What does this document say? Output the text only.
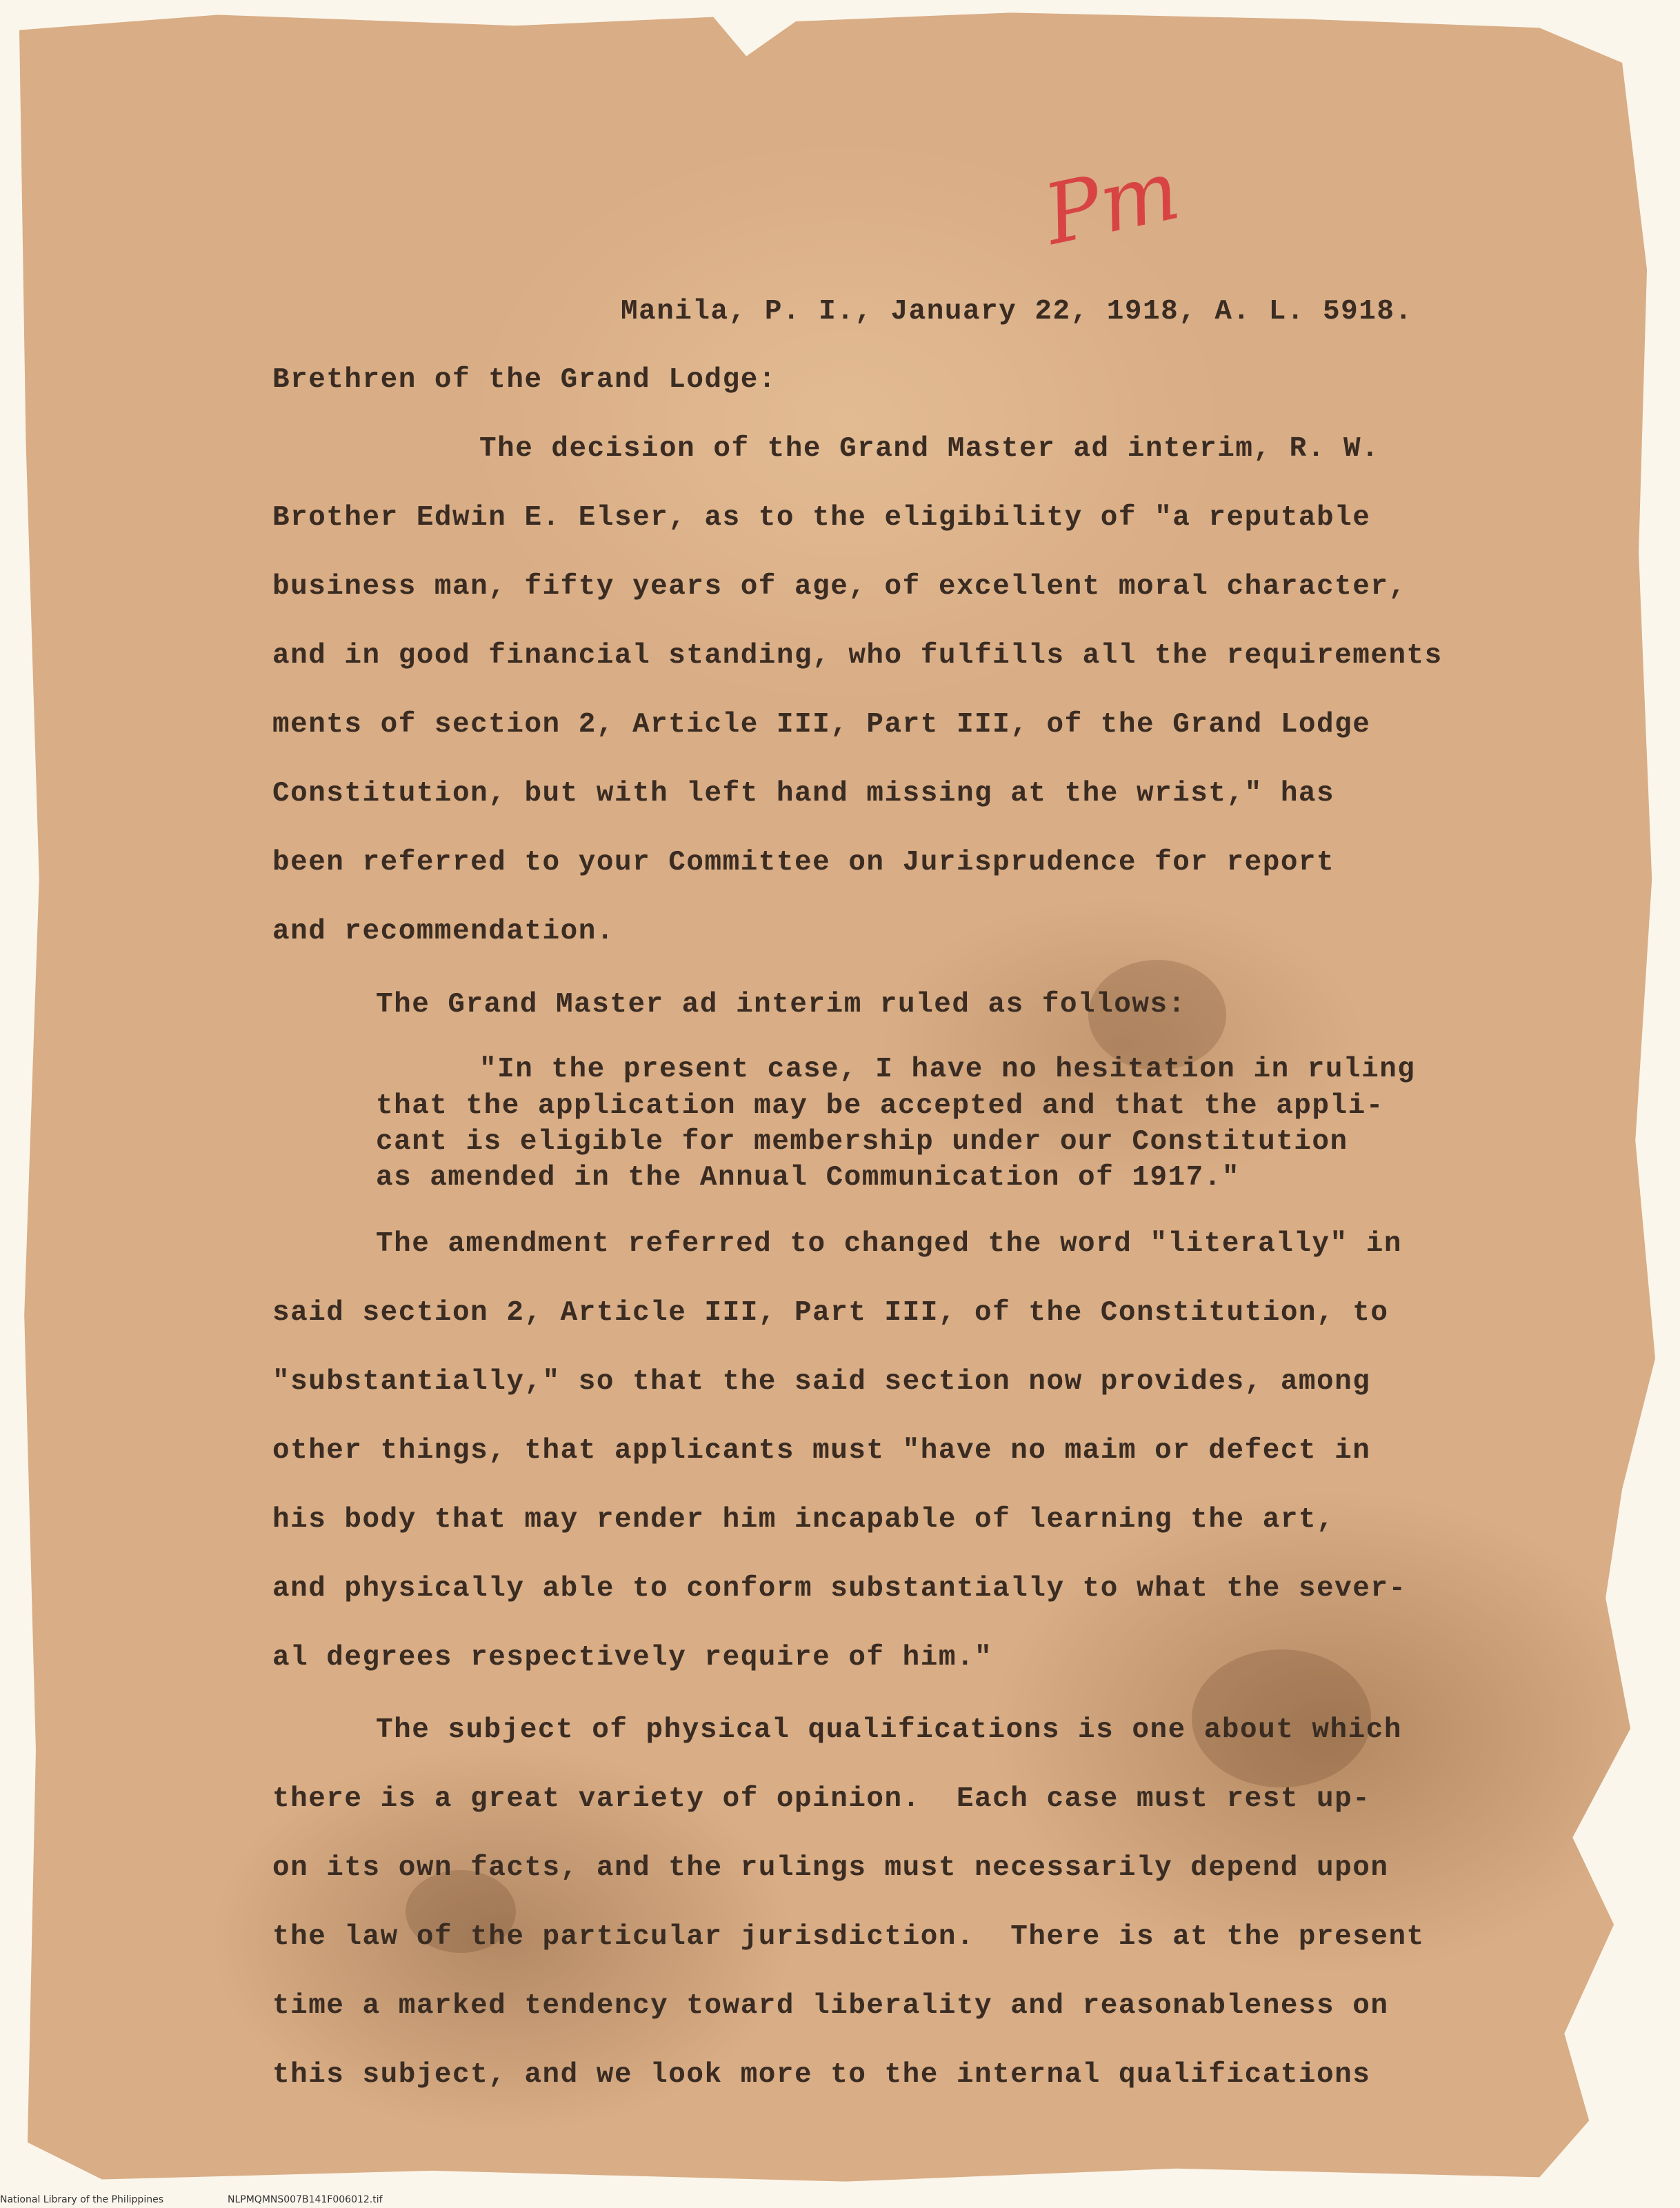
Pm

Manila, P. I., January 22, 1918, A. L. 5918.

Brethren of the Grand Lodge:

The decision of the Grand Master ad interim, R. W.

Brother Edwin E. Elser, as to the eligibility of "a reputable

business man, fifty years of age, of excellent moral character,

and in good financial standing, who fulfills all the requirements

ments of section 2, Article III, Part III, of the Grand Lodge

Constitution, but with left hand missing at the wrist," has

been referred to your Committee on Jurisprudence for report

and recommendation.

The Grand Master ad interim ruled as follows:

"In the present case, I have no hesitation in ruling

that the application may be accepted and that the appli-

cant is eligible for membership under our Constitution

as amended in the Annual Communication of 1917."

The amendment referred to changed the word "literally" in

said section 2, Article III, Part III, of the Constitution, to

"substantially," so that the said section now provides, among

other things, that applicants must "have no maim or defect in

his body that may render him incapable of learning the art,

and physically able to conform substantially to what the sever-

al degrees respectively require of him."

The subject of physical qualifications is one about which

there is a great variety of opinion.  Each case must rest up-

on its own facts, and the rulings must necessarily depend upon

the law of the particular jurisdiction.  There is at the present

time a marked tendency toward liberality and reasonableness on

this subject, and we look more to the internal qualifications

National Library of the Philippines	NLPMQMNS007B141F006012.tif
